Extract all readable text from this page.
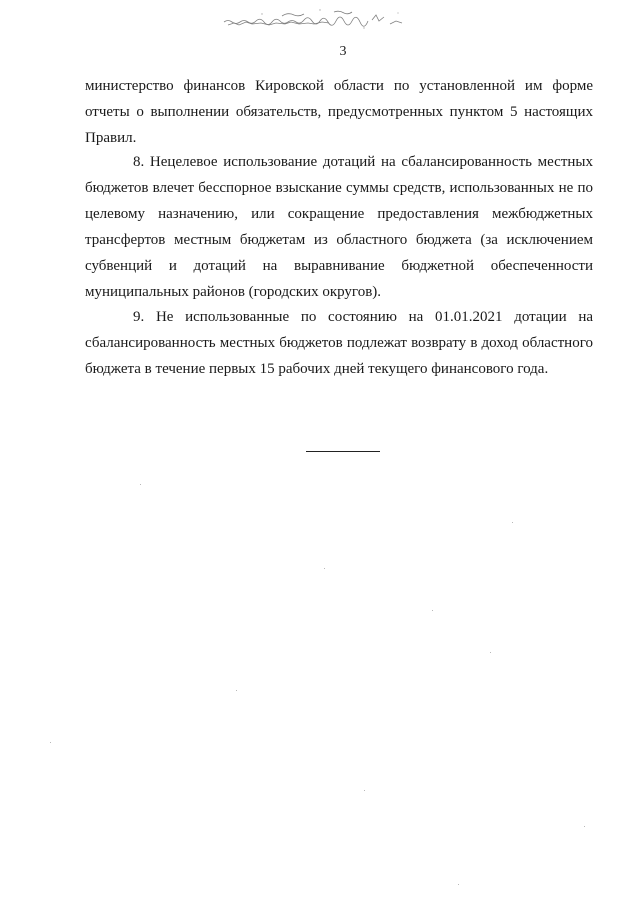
3

министерство финансов Кировской области по установленной им форме отчеты о выполнении обязательств, предусмотренных пунктом 5 настоящих Правил.

8. Нецелевое использование дотаций на сбалансированность местных бюджетов влечет бесспорное взыскание суммы средств, использованных не по целевому назначению, или сокращение предоставления межбюджетных трансфертов местным бюджетам из областного бюджета (за исключением субвенций и дотаций на выравнивание бюджетной обеспеченности муниципальных районов (городских округов).

9. Не использованные по состоянию на 01.01.2021 дотации на сбалансированность местных бюджетов подлежат возврату в доход областного бюджета в течение первых 15 рабочих дней текущего финансового года.
